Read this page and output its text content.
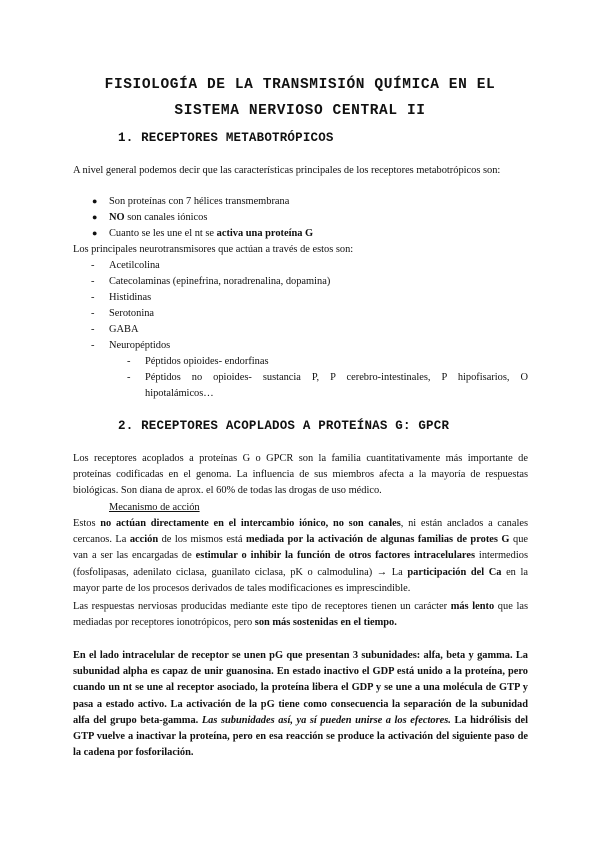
FISIOLOGÍA DE LA TRANSMISIÓN QUÍMICA EN EL
SISTEMA NERVIOSO CENTRAL II
1. RECEPTORES METABOTRÓPICOS
A nivel general podemos decir que las características principales de los receptores metabotrópicos son:
● Son proteínas con 7 hélices transmembrana
● NO son canales iónicos
● Cuanto se les une el nt se activa una proteína G
Los principales neurotransmisores que actúan a través de estos son:
- Acetilcolina
- Catecolaminas (epinefrina, noradrenalina, dopamina)
- Histidinas
- Serotonina
- GABA
- Neuropéptidos
- Péptidos opioides- endorfinas
- Péptidos no opioides- sustancia P, P cerebro-intestinales, P hipofisarios, O
hipotalámicos…
2. RECEPTORES ACOPLADOS A PROTEÍNAS G: GPCR
Los receptores acoplados a proteínas G o GPCR son la familia cuantitativamente más importante de proteínas codificadas en el genoma. La influencia de sus miembros afecta a la mayoría de respuestas biológicas. Son diana de aprox. el 60% de todas las drogas de uso médico.
Mecanismo de acción
Estos no actúan directamente en el intercambio iónico, no son canales, ni están anclados a canales cercanos. La acción de los mismos está mediada por la activación de algunas familias de protes G que van a ser las encargadas de estimular o inhibir la función de otros factores intracelulares intermedios (fosfolipasas, adenilato ciclasa, guanilato ciclasa, pK o calmodulina) → La participación del Ca en la mayor parte de los procesos derivados de tales modificaciones es imprescindible.
Las respuestas nerviosas producidas mediante este tipo de receptores tienen un carácter más lento que las mediadas por receptores ionotrópicos, pero son más sostenidas en el tiempo.
En el lado intracelular de receptor se unen pG que presentan 3 subunidades: alfa, beta y gamma. La subunidad alpha es capaz de unir guanosina. En estado inactivo el GDP está unido a la proteína, pero cuando un nt se une al receptor asociado, la proteína libera el GDP y se une a una molécula de GTP y pasa a estado activo. La activación de la pG tiene como consecuencia la separación de la subunidad alfa del grupo beta-gamma. Las subunidades así, ya sí pueden unirse a los efectores. La hidrólisis del GTP vuelve a inactivar la proteína, pero en esa reacción se produce la activación del siguiente paso de la cadena por fosforilación.
